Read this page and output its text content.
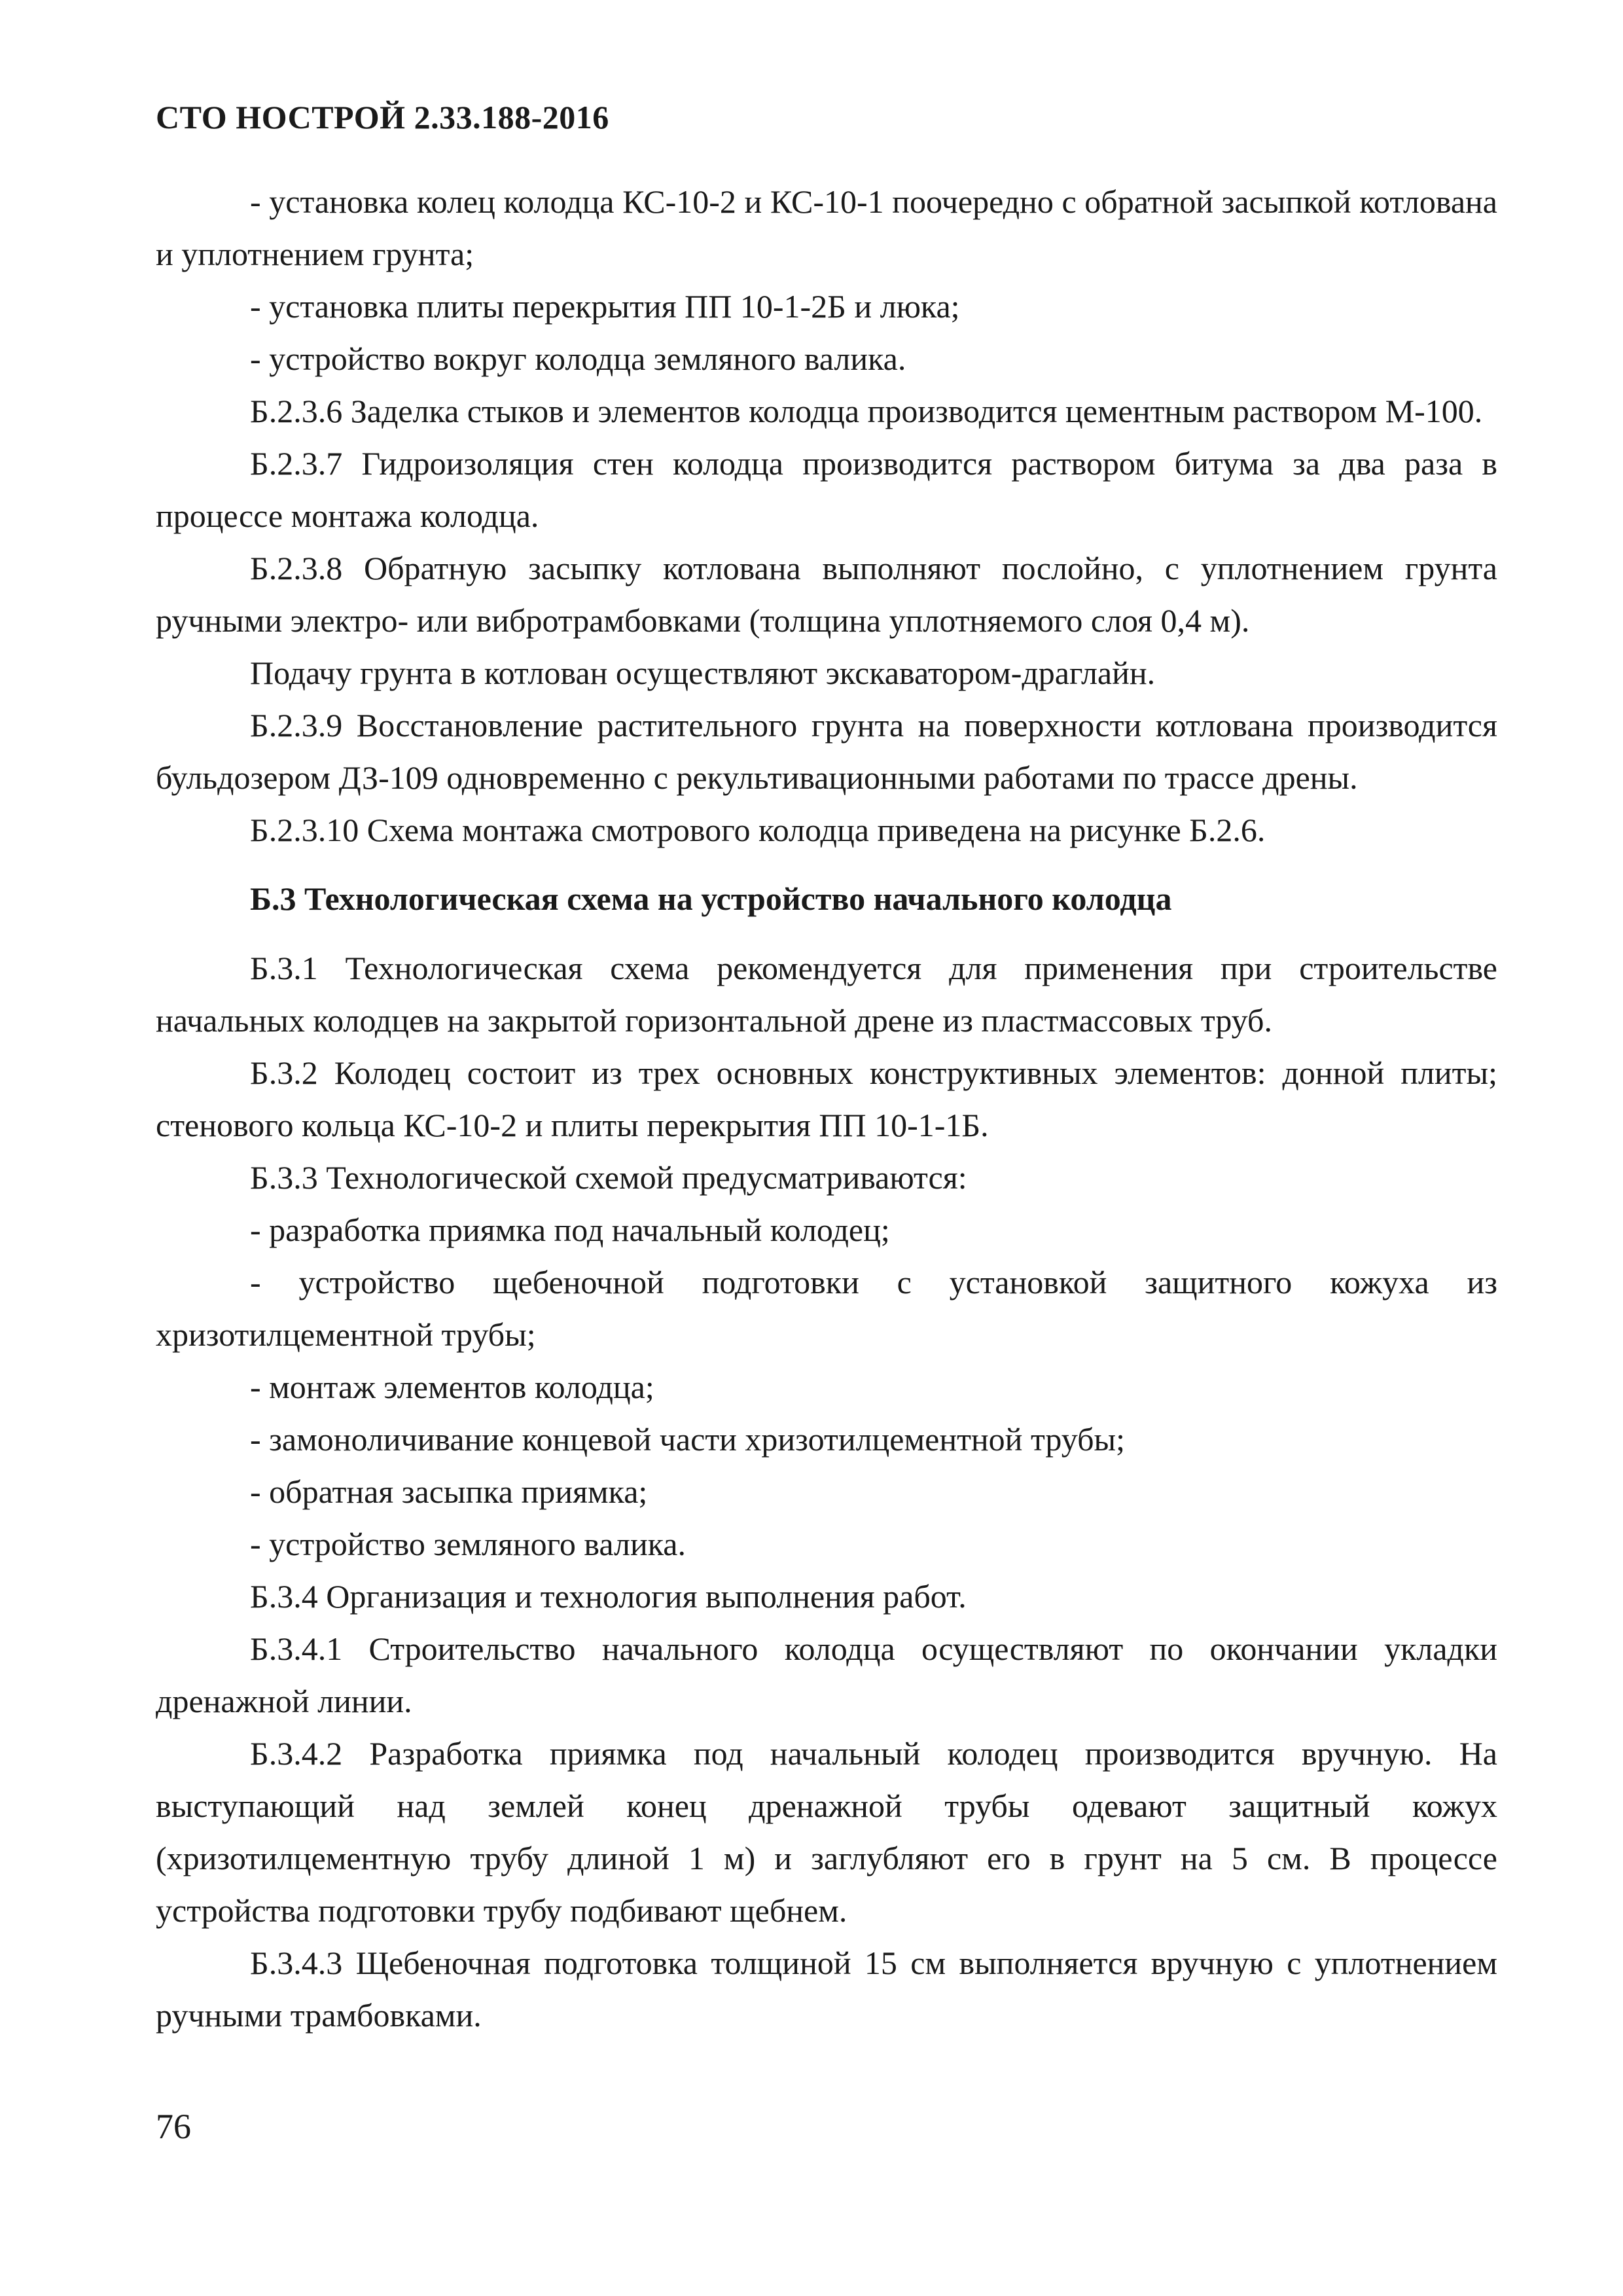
СТО НОСТРОЙ 2.33.188-2016

- установка колец колодца КС-10-2 и КС-10-1 поочередно с обратной засыпкой котлована и уплотнением грунта;

- установка плиты перекрытия ПП 10-1-2Б и люка;

- устройство вокруг колодца земляного валика.

Б.2.3.6 Заделка стыков и элементов колодца производится цементным раствором М-100.

Б.2.3.7 Гидроизоляция стен колодца производится раствором битума за два раза в процессе монтажа колодца.

Б.2.3.8 Обратную засыпку котлована выполняют послойно, с уплотнением грунта ручными электро- или вибротрамбовками (толщина уплотняемого слоя 0,4 м).

Подачу грунта в котлован осуществляют экскаватором-драглайн.

Б.2.3.9 Восстановление растительного грунта на поверхности котлована производится бульдозером ДЗ-109 одновременно с рекультивационными работами по трассе дрены.

Б.2.3.10 Схема монтажа смотрового колодца приведена на рисунке Б.2.6.

Б.3 Технологическая схема на устройство начального колодца

Б.3.1 Технологическая схема рекомендуется для применения при строительстве начальных колодцев на закрытой горизонтальной дрене из пластмассовых труб.

Б.3.2 Колодец состоит из трех основных конструктивных элементов: донной плиты; стенового кольца КС-10-2 и плиты перекрытия ПП 10-1-1Б.

Б.3.3 Технологической схемой предусматриваются:

- разработка приямка под начальный колодец;

- устройство щебеночной подготовки с установкой защитного кожуха из хризотилцементной трубы;

- монтаж элементов колодца;

- замоноличивание концевой части хризотилцементной трубы;

- обратная засыпка приямка;

- устройство земляного валика.

Б.3.4 Организация и технология выполнения работ.

Б.3.4.1 Строительство начального колодца осуществляют по окончании укладки дренажной линии.

Б.3.4.2 Разработка приямка под начальный колодец производится вручную. На выступающий над землей конец дренажной трубы одевают защитный кожух (хризотилцементную трубу длиной 1 м) и заглубляют его в грунт на 5 см. В процессе устройства подготовки трубу подбивают щебнем.

Б.3.4.3 Щебеночная подготовка толщиной 15 см выполняется вручную с уплотнением ручными трамбовками.

76
